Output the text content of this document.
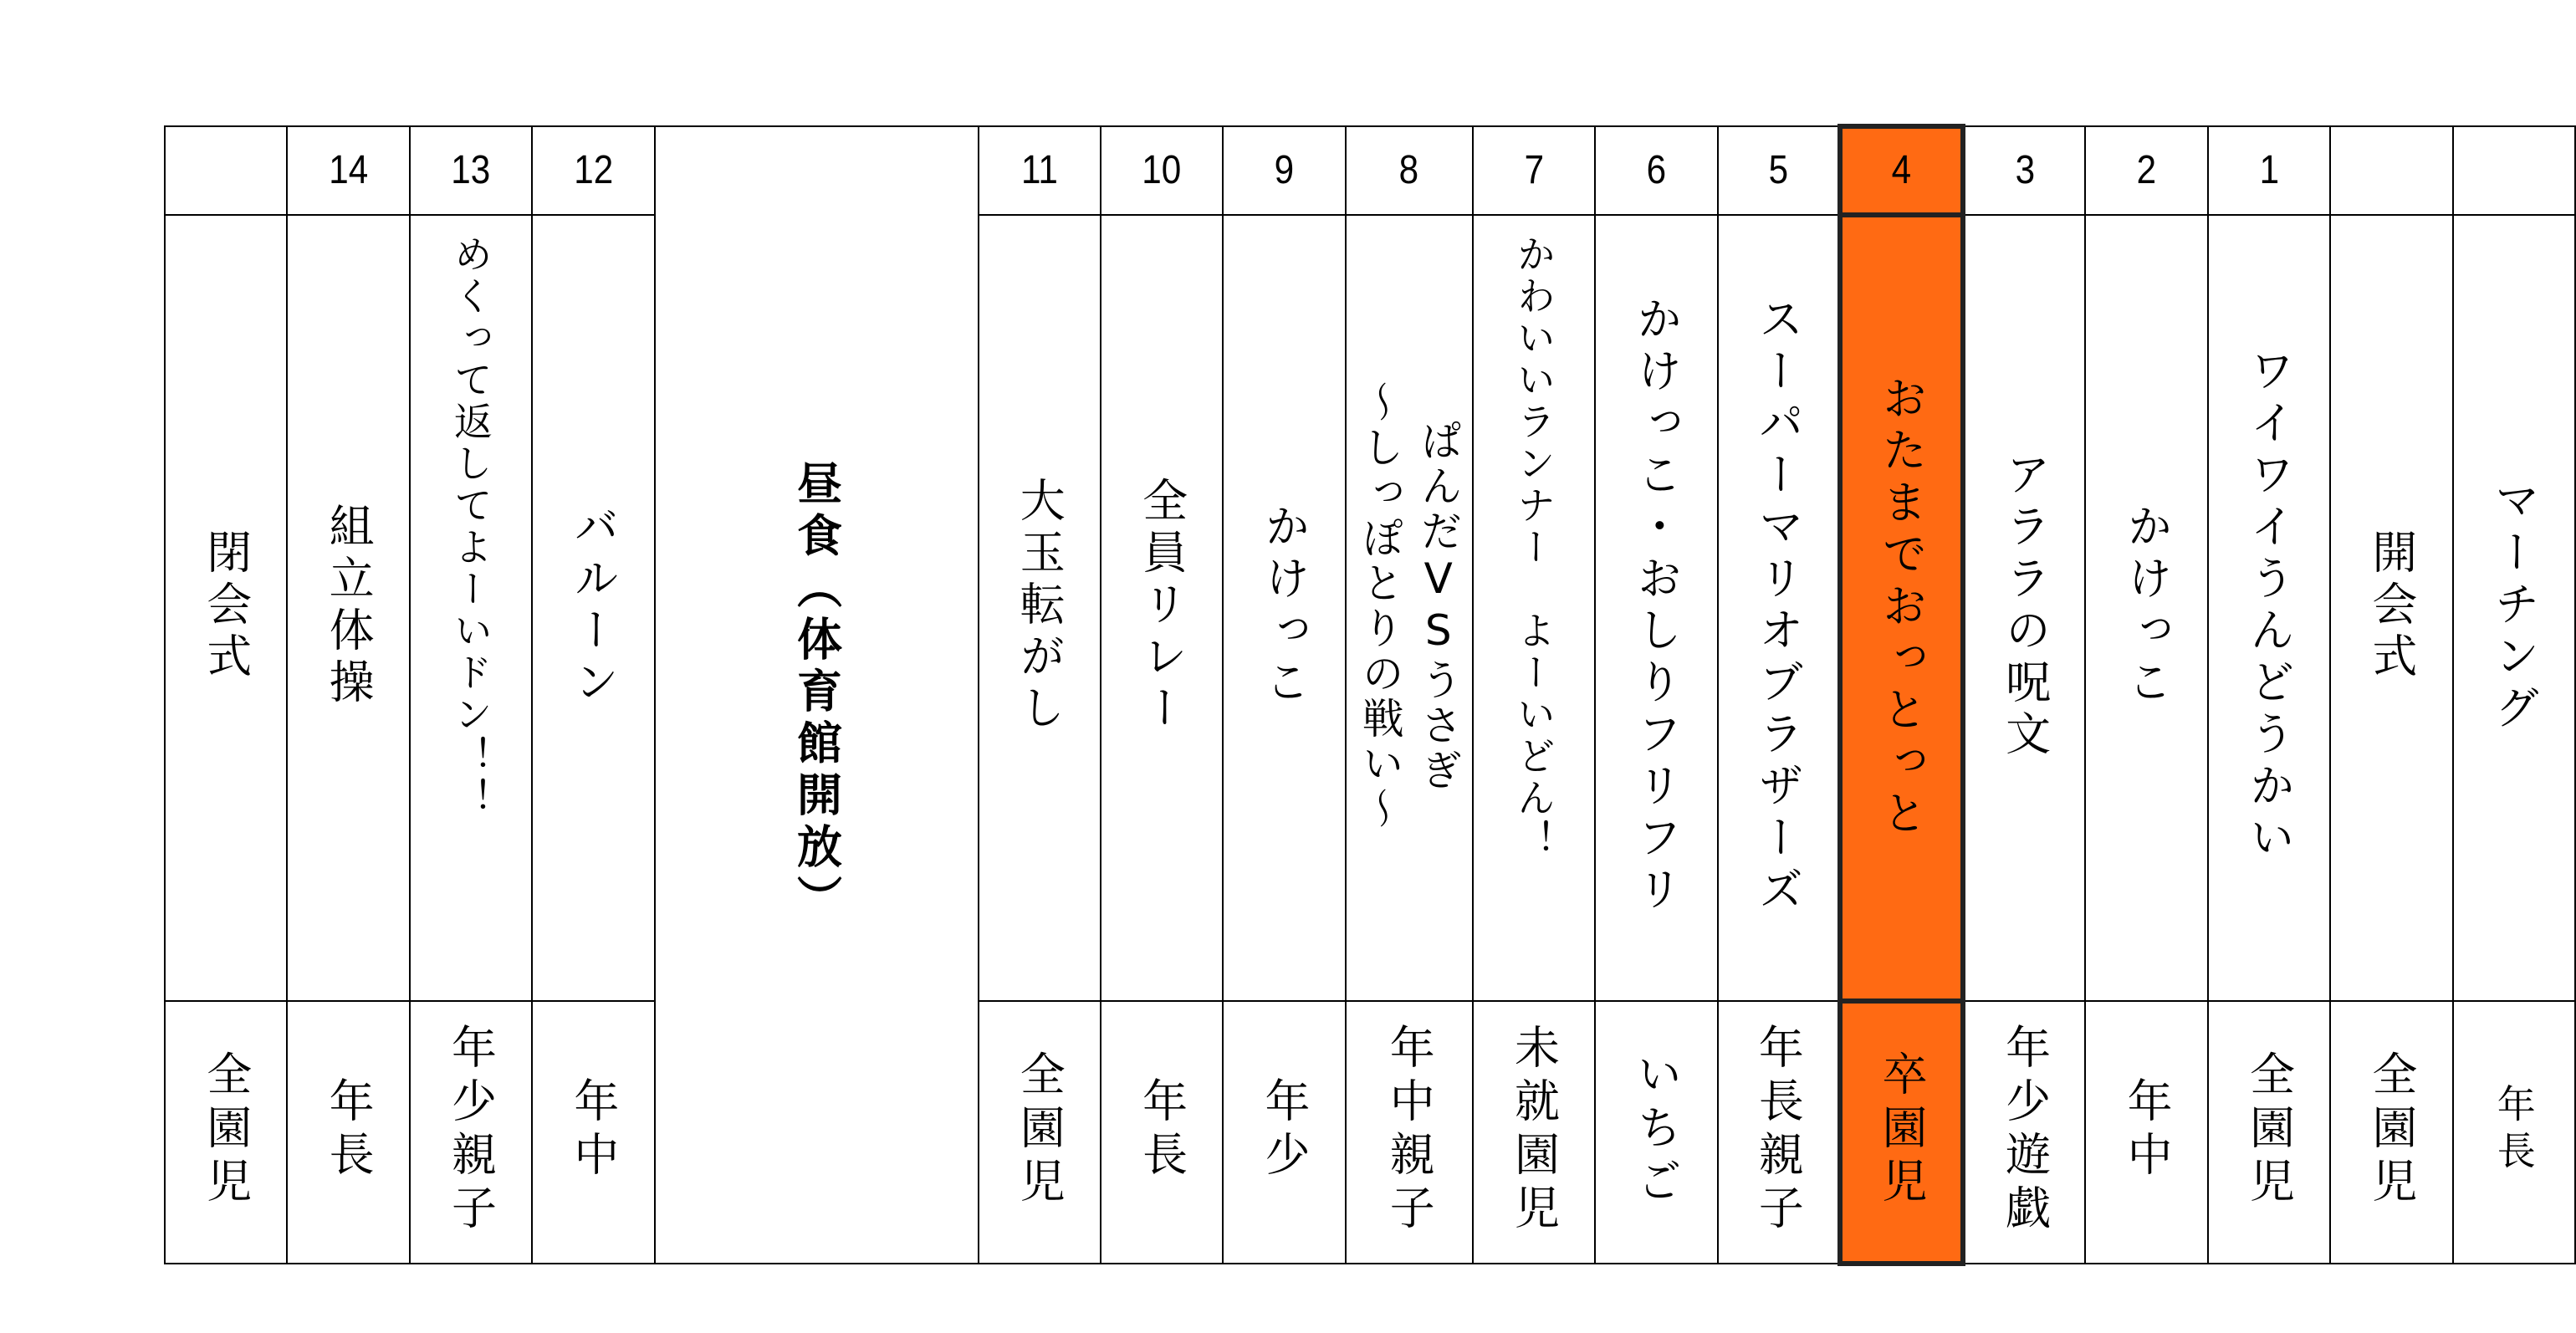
	14	13	12	昼食（体育館開放）	11	10	9	8	7	6	5	4	3	2	1		

閉会式	組立体操	めくって返してよーいドン！！	バルーン		大玉転がし	全員リレー	かけっこ	ぱんだVSうさぎ
～しっぽとりの戦い～	かわいいランナー　よーいどん！	かけっこ・おしりフリフリ	スーパーマリオブラザーズ	おたまでおっとっと	アララの呪文	かけっこ	ワイワイうんどうかい	開会式	マーチング

全園児	年長	年少親子	年中		全園児	年長	年少	年中親子	未就園児	いちご	年長親子	卒園児	年少遊戯	年中	全園児	全園児	年長
